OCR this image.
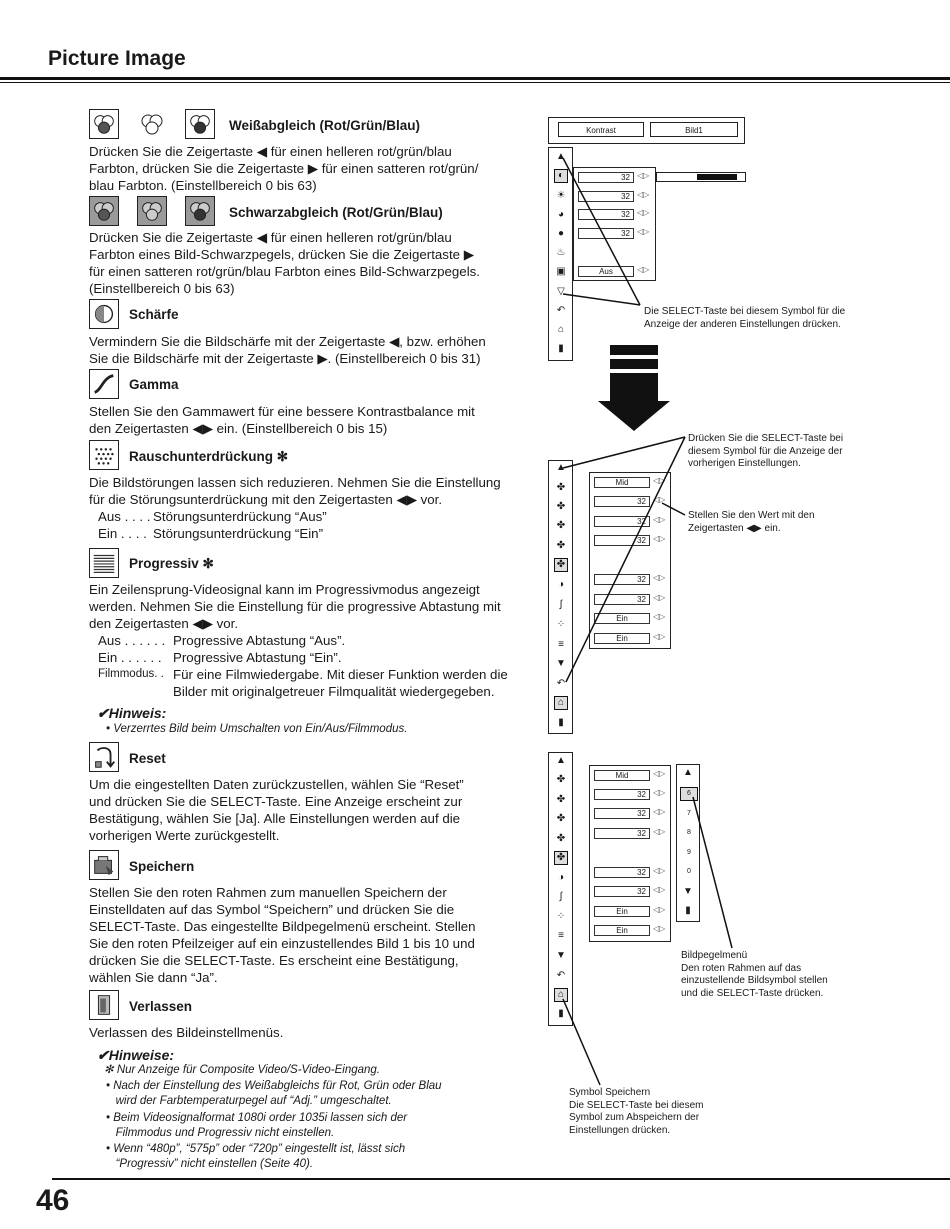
Picture Image
Weißabgleich (Rot/Grün/Blau)
Drücken Sie die Zeigertaste ◀ für einen helleren rot/grün/blau
Farbton, drücken Sie die Zeigertaste ▶ für einen satteren rot/grün/
blau Farbton. (Einstellbereich 0 bis 63)
Schwarzabgleich (Rot/Grün/Blau)
Drücken Sie die Zeigertaste ◀ für einen helleren rot/grün/blau
Farbton eines Bild-Schwarzpegels, drücken Sie die Zeigertaste ▶
für einen satteren rot/grün/blau Farbton eines Bild-Schwarzpegels.
(Einstellbereich 0 bis 63)
Schärfe
Vermindern Sie die Bildschärfe mit der Zeigertaste ◀, bzw. erhöhen
Sie die Bildschärfe mit der Zeigertaste ▶. (Einstellbereich 0 bis 31)
Gamma
Stellen Sie den Gammawert für eine bessere Kontrastbalance mit
den Zeigertasten ◀▶ ein. (Einstellbereich 0 bis 15)
Rauschunterdrückung ✻
Die Bildstörungen lassen sich reduzieren. Nehmen Sie die Einstellung
für die Störungsunterdrückung mit den Zeigertasten ◀▶ vor.
Aus . . . . Störungsunterdrückung “Aus”
Ein . . . . Störungsunterdrückung “Ein”
Progressiv ✻
Ein Zeilensprung-Videosignal kann im Progressivmodus angezeigt
werden. Nehmen Sie die Einstellung für die progressive Abtastung mit
den Zeigertasten ◀▶ vor.
Aus . . . . . . Progressive Abtastung “Aus”.
Ein . . . . . . Progressive Abtastung “Ein”.
Filmmodus. . Für eine Filmwiedergabe. Mit dieser Funktion werden die
Bilder mit originalgetreuer Filmqualität wiedergegeben.
✔Hinweis:
• Verzerrtes Bild beim Umschalten von Ein/Aus/Filmmodus.
Reset
Um die eingestellten Daten zurückzustellen, wählen Sie “Reset”
und drücken Sie die SELECT-Taste. Eine Anzeige erscheint zur
Bestätigung, wählen Sie [Ja]. Alle Einstellungen werden auf die
vorherigen Werte zurückgestellt.
Speichern
Stellen Sie den roten Rahmen zum manuellen Speichern der
Einstelldaten auf das Symbol “Speichern” und drücken Sie die
SELECT-Taste. Das eingestellte Bildpegelmenü erscheint. Stellen
Sie den roten Pfeilzeiger auf ein einzustellendes Bild 1 bis 10 und
drücken Sie die SELECT-Taste. Es erscheint eine Bestätigung,
wählen Sie dann “Ja”.
Verlassen
Verlassen des Bildeinstellmenüs.
✔Hinweise:
✻ Nur Anzeige für Composite Video/S-Video-Eingang.
• Nach der Einstellung des Weißabgleichs für Rot, Grün oder Blau
wird der Farbtemperaturpegel auf “Adj.” umgeschaltet.
• Beim Videosignalformat 1080i order 1035i lassen sich der
Filmmodus und Progressiv nicht einstellen.
• Wenn “480p”, “575p” oder “720p” eingestellt ist, lässt sich
“Progressiv” nicht einstellen (Seite 40).
Kontrast	Bild1
▲
◐
☀
◕
●
♨
▣
▽
↶
⌂
▮
32 ◁▷
32 ◁▷
32 ◁▷
32 ◁▷
Aus	◁▷
Die SELECT-Taste bei diesem Symbol für die
Anzeige der anderen Einstellungen drücken.
▲
✤
✤
✤
✤
✤
◑
∫
⁘
≡
▼
↶
⌂
▮
Mid	◁▷
32 ◁▷
32 ◁▷
32 ◁▷
32 ◁▷
32 ◁▷
Ein	◁▷
Ein	◁▷
Drücken Sie die SELECT-Taste bei
diesem Symbol für die Anzeige der
vorherigen Einstellungen.
Stellen Sie den Wert mit den
Zeigertasten ◀▶ ein.
▲
✤
✤
✤
✤
✤
◑
∫
⁘
≡
▼
↶
⌂
▮
Mid	◁▷
32 ◁▷
32 ◁▷
32 ◁▷
32 ◁▷
32 ◁▷
Ein	◁▷
Ein	◁▷
▲
6
7
8
9
0
▼
▮
Bildpegelmenü
Den roten Rahmen auf das
einzustellende Bildsymbol stellen
und die SELECT-Taste drücken.
Symbol Speichern
Die SELECT-Taste bei diesem
Symbol zum Abspeichern der
Einstellungen drücken.
46
